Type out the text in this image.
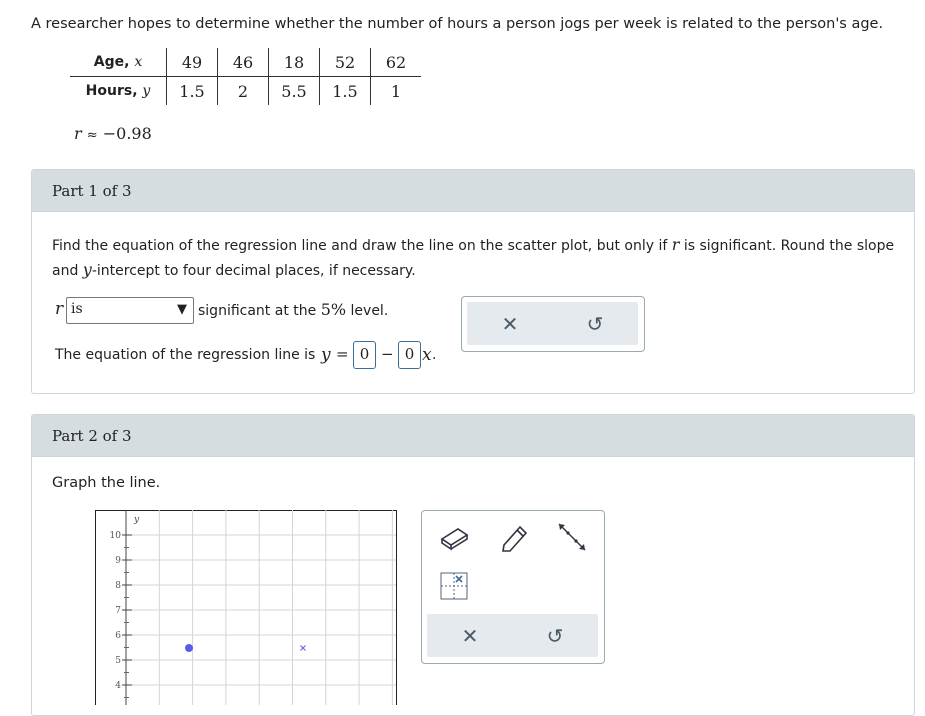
A researcher hopes to determine whether the number of hours a person jogs per week is related to the person's age.
Age, x	49	46	18	52	62
Hours, y	1.5	2	5.5	1.5	1
r ≈ −0.98
Part 1 of 3
Find the equation of the regression line and draw the line on the scatter plot, but only if r is significant. Round the slope and y-intercept to four decimal places, if necessary.
r is	▼ significant at the 5% level.
The equation of the regression line is y = 0 − 0 x .
✕	↺
Part 2 of 3
Graph the line.
y
10
9
8
7
6
5
4
✕	↺
